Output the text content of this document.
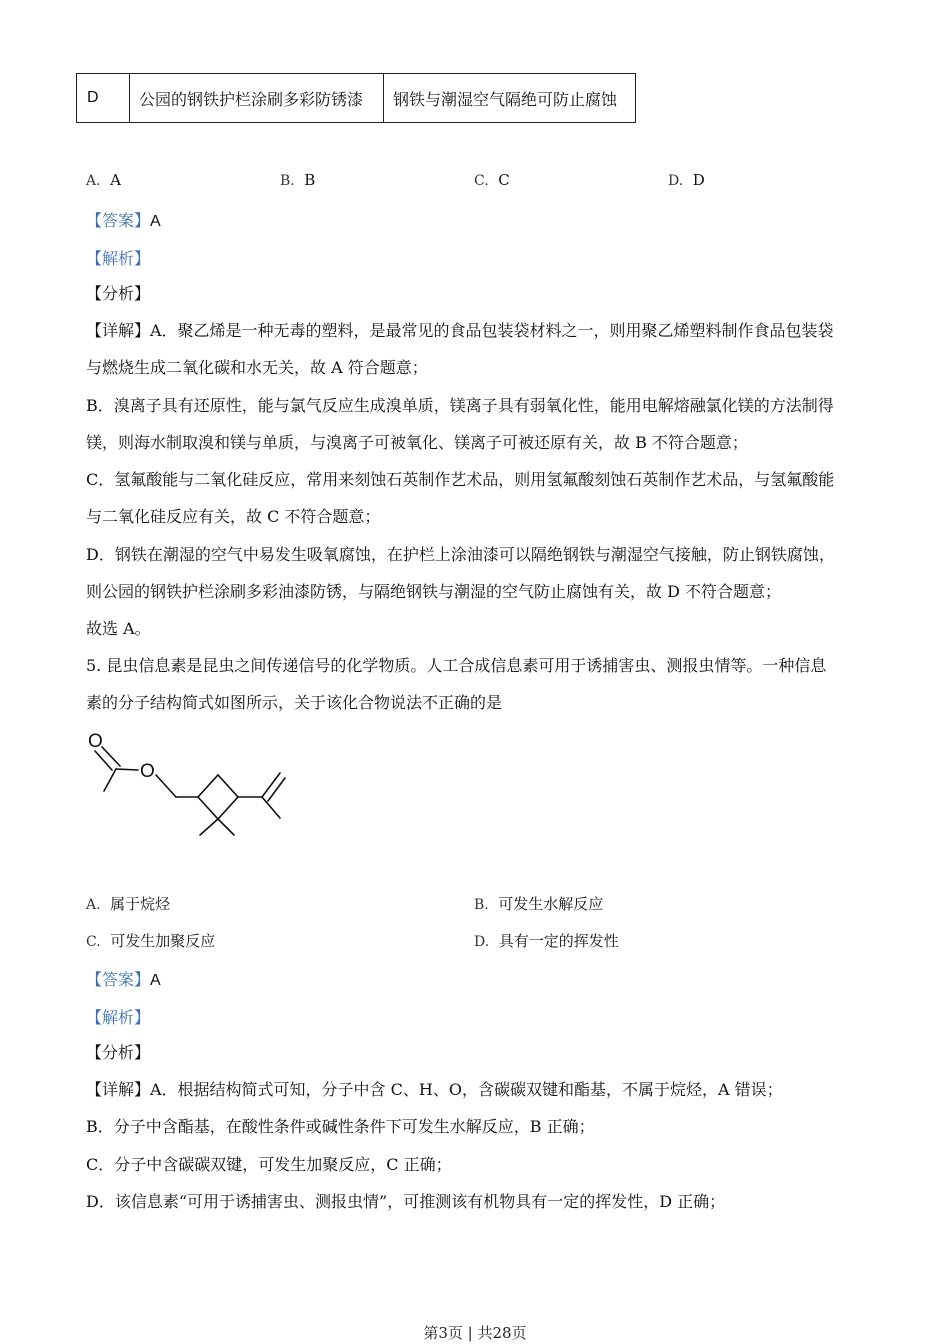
D	公园的钢铁护栏涂刷多彩防锈漆	钢铁与潮湿空气隔绝可防止腐蚀
A. A	B. B	C. C	D. D
【答案】A
【解析】
【分析】
【详解】A．聚乙烯是一种无毒的塑料，是最常见的食品包装袋材料之一，则用聚乙烯塑料制作食品包装袋
与燃烧生成二氧化碳和水无关，故 A 符合题意；
B．溴离子具有还原性，能与氯气反应生成溴单质，镁离子具有弱氧化性，能用电解熔融氯化镁的方法制得
镁，则海水制取溴和镁与单质，与溴离子可被氧化、镁离子可被还原有关，故 B 不符合题意；
C．氢氟酸能与二氧化硅反应，常用来刻蚀石英制作艺术品，则用氢氟酸刻蚀石英制作艺术品，与氢氟酸能
与二氧化硅反应有关，故 C 不符合题意；
D．钢铁在潮湿的空气中易发生吸氧腐蚀，在护栏上涂油漆可以隔绝钢铁与潮湿空气接触，防止钢铁腐蚀，
则公园的钢铁护栏涂刷多彩油漆防锈，与隔绝钢铁与潮湿的空气防止腐蚀有关，故 D 不符合题意；
故选 A。
5. 昆虫信息素是昆虫之间传递信号的化学物质。人工合成信息素可用于诱捕害虫、测报虫情等。一种信息
素的分子结构简式如图所示，关于该化合物说法不正确的是
O
O
A. 属于烷烃	B. 可发生水解反应
C. 可发生加聚反应	D. 具有一定的挥发性
【答案】A
【解析】
【分析】
【详解】A．根据结构简式可知，分子中含 C、H、O，含碳碳双键和酯基，不属于烷烃，A 错误；
B．分子中含酯基，在酸性条件或碱性条件下可发生水解反应，B 正确；
C．分子中含碳碳双键，可发生加聚反应，C 正确；
D．该信息素“可用于诱捕害虫、测报虫情”，可推测该有机物具有一定的挥发性，D 正确；
第3页 | 共28页
